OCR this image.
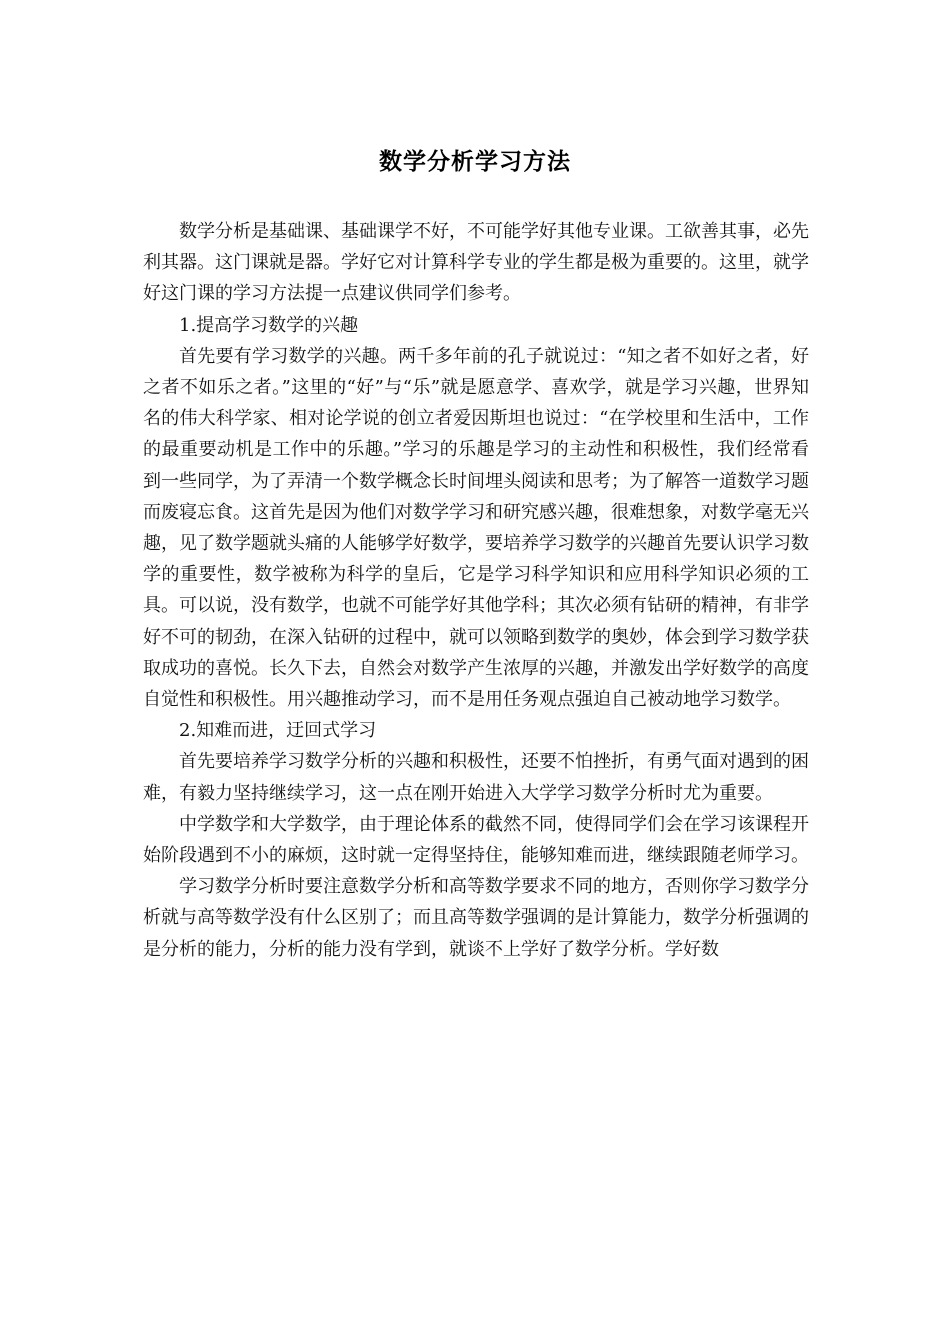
数学分析学习方法

数学分析是基础课、基础课学不好，不可能学好其他专业课。工欲善其事，必先利其器。这门课就是器。学好它对计算科学专业的学生都是极为重要的。这里，就学好这门课的学习方法提一点建议供同学们参考。

1.提高学习数学的兴趣

首先要有学习数学的兴趣。两千多年前的孔子就说过：“知之者不如好之者，好之者不如乐之者。”这里的“好”与“乐”就是愿意学、喜欢学，就是学习兴趣，世界知名的伟大科学家、相对论学说的创立者爱因斯坦也说过：“在学校里和生活中，工作的最重要动机是工作中的乐趣。”学习的乐趣是学习的主动性和积极性，我们经常看到一些同学，为了弄清一个数学概念长时间埋头阅读和思考；为了解答一道数学习题而废寝忘食。这首先是因为他们对数学学习和研究感兴趣，很难想象，对数学毫无兴趣，见了数学题就头痛的人能够学好数学，要培养学习数学的兴趣首先要认识学习数学的重要性，数学被称为科学的皇后，它是学习科学知识和应用科学知识必须的工具。可以说，没有数学，也就不可能学好其他学科；其次必须有钻研的精神，有非学好不可的韧劲，在深入钻研的过程中，就可以领略到数学的奥妙，体会到学习数学获取成功的喜悦。长久下去，自然会对数学产生浓厚的兴趣，并激发出学好数学的高度自觉性和积极性。用兴趣推动学习，而不是用任务观点强迫自己被动地学习数学。

2.知难而进，迂回式学习

首先要培养学习数学分析的兴趣和积极性，还要不怕挫折，有勇气面对遇到的困难，有毅力坚持继续学习，这一点在刚开始进入大学学习数学分析时尤为重要。

中学数学和大学数学，由于理论体系的截然不同，使得同学们会在学习该课程开始阶段遇到不小的麻烦，这时就一定得坚持住，能够知难而进，继续跟随老师学习。

学习数学分析时要注意数学分析和高等数学要求不同的地方，否则你学习数学分析就与高等数学没有什么区别了；而且高等数学强调的是计算能力，数学分析强调的是分析的能力，分析的能力没有学到，就谈不上学好了数学分析。学好数
